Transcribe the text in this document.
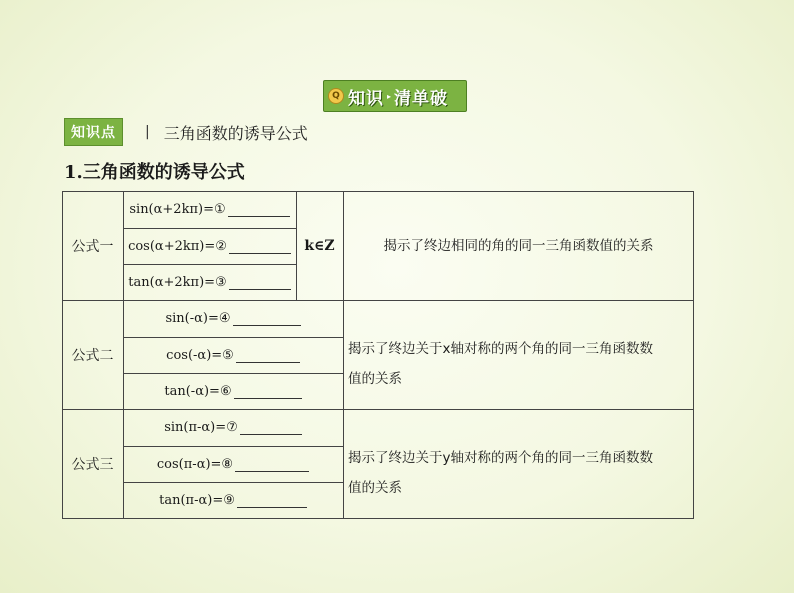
Q 知识 ▸ 清单破
知识点	| 三角函数的诱导公式
1.三角函数的诱导公式
公式一
公式二
公式三
sin(α+2kπ)=①
cos(α+2kπ)=②
tan(α+2kπ)=③
k∈Z
sin(-α)=④
cos(-α)=⑤
tan(-α)=⑥
sin(π-α)=⑦
cos(π-α)=⑧
tan(π-α)=⑨
揭示了终边相同的角的同一三角函数值的关系
揭示了终边关于x轴对称的两个角的同一三角函数数
值的关系
揭示了终边关于y轴对称的两个角的同一三角函数数
值的关系
